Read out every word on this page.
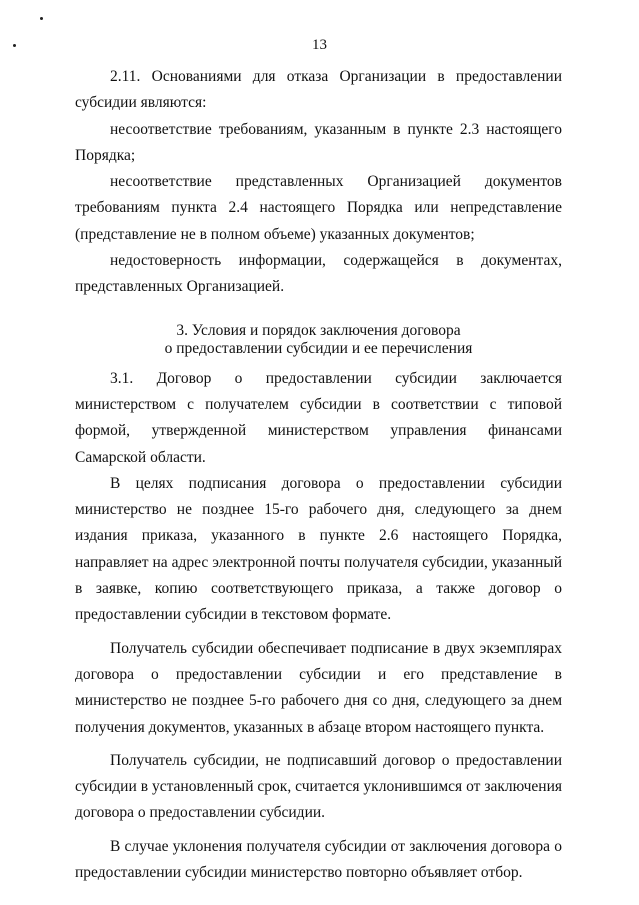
13

2.11. Основаниями для отказа Организации в предоставлении субсидии являются:

несоответствие требованиям, указанным в пункте 2.3 настоящего Порядка;

несоответствие представленных Организацией документов требованиям пункта 2.4 настоящего Порядка или непредставление (представление не в полном объеме) указанных документов;

недостоверность информации, содержащейся в документах, представленных Организацией.

3. Условия и порядок заключения договора
о предоставлении субсидии и ее перечисления

3.1. Договор о предоставлении субсидии заключается министерством с получателем субсидии в соответствии с типовой формой, утвержденной министерством управления финансами Самарской области.

В целях подписания договора о предоставлении субсидии министерство не позднее 15-го рабочего дня, следующего за днем издания приказа, указанного в пункте 2.6 настоящего Порядка, направляет на адрес электронной почты получателя субсидии, указанный в заявке, копию соответствующего приказа, а также договор о предоставлении субсидии в текстовом формате.

Получатель субсидии обеспечивает подписание в двух экземплярах договора о предоставлении субсидии и его представление в министерство не позднее 5-го рабочего дня со дня, следующего за днем получения документов, указанных в абзаце втором настоящего пункта.

Получатель субсидии, не подписавший договор о предоставлении субсидии в установленный срок, считается уклонившимся от заключения договора о предоставлении субсидии.

В случае уклонения получателя субсидии от заключения договора о предоставлении субсидии министерство повторно объявляет отбор.
